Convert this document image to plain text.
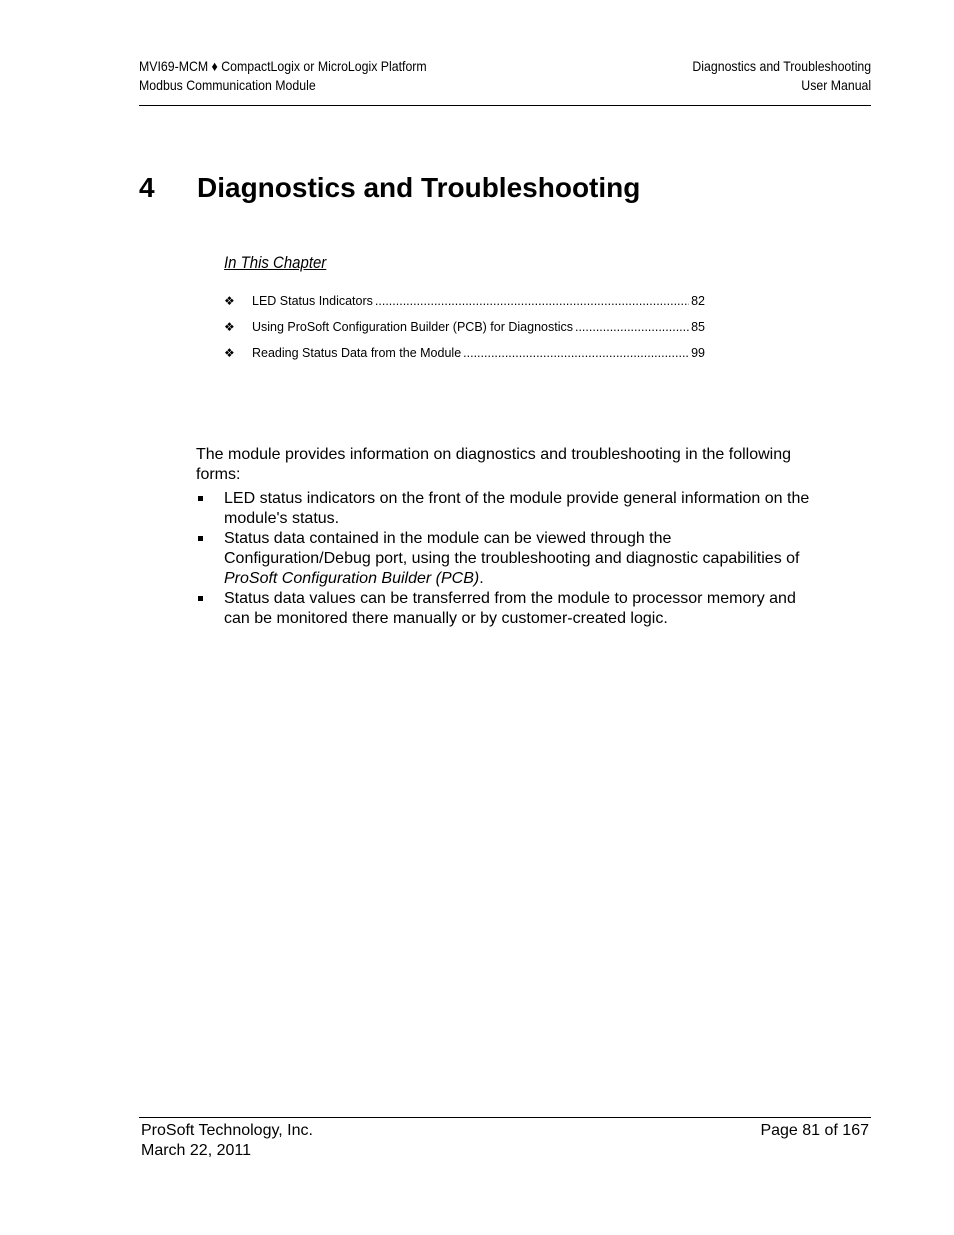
MVI69-MCM ♦ CompactLogix or MicroLogix Platform
Modbus Communication Module
Diagnostics and Troubleshooting
User Manual
4 Diagnostics and Troubleshooting
In This Chapter
❖	LED Status Indicators .....	82
❖	Using ProSoft Configuration Builder (PCB) for Diagnostics .....	85
❖	Reading Status Data from the Module .....	99

The module provides information on diagnostics and troubleshooting in the following forms:

LED status indicators on the front of the module provide general information on the module's status.
Status data contained in the module can be viewed through the Configuration/Debug port, using the troubleshooting and diagnostic capabilities of ProSoft Configuration Builder (PCB).
Status data values can be transferred from the module to processor memory and can be monitored there manually or by customer-created logic.
ProSoft Technology, Inc.
March 22, 2011
Page 81 of 167
